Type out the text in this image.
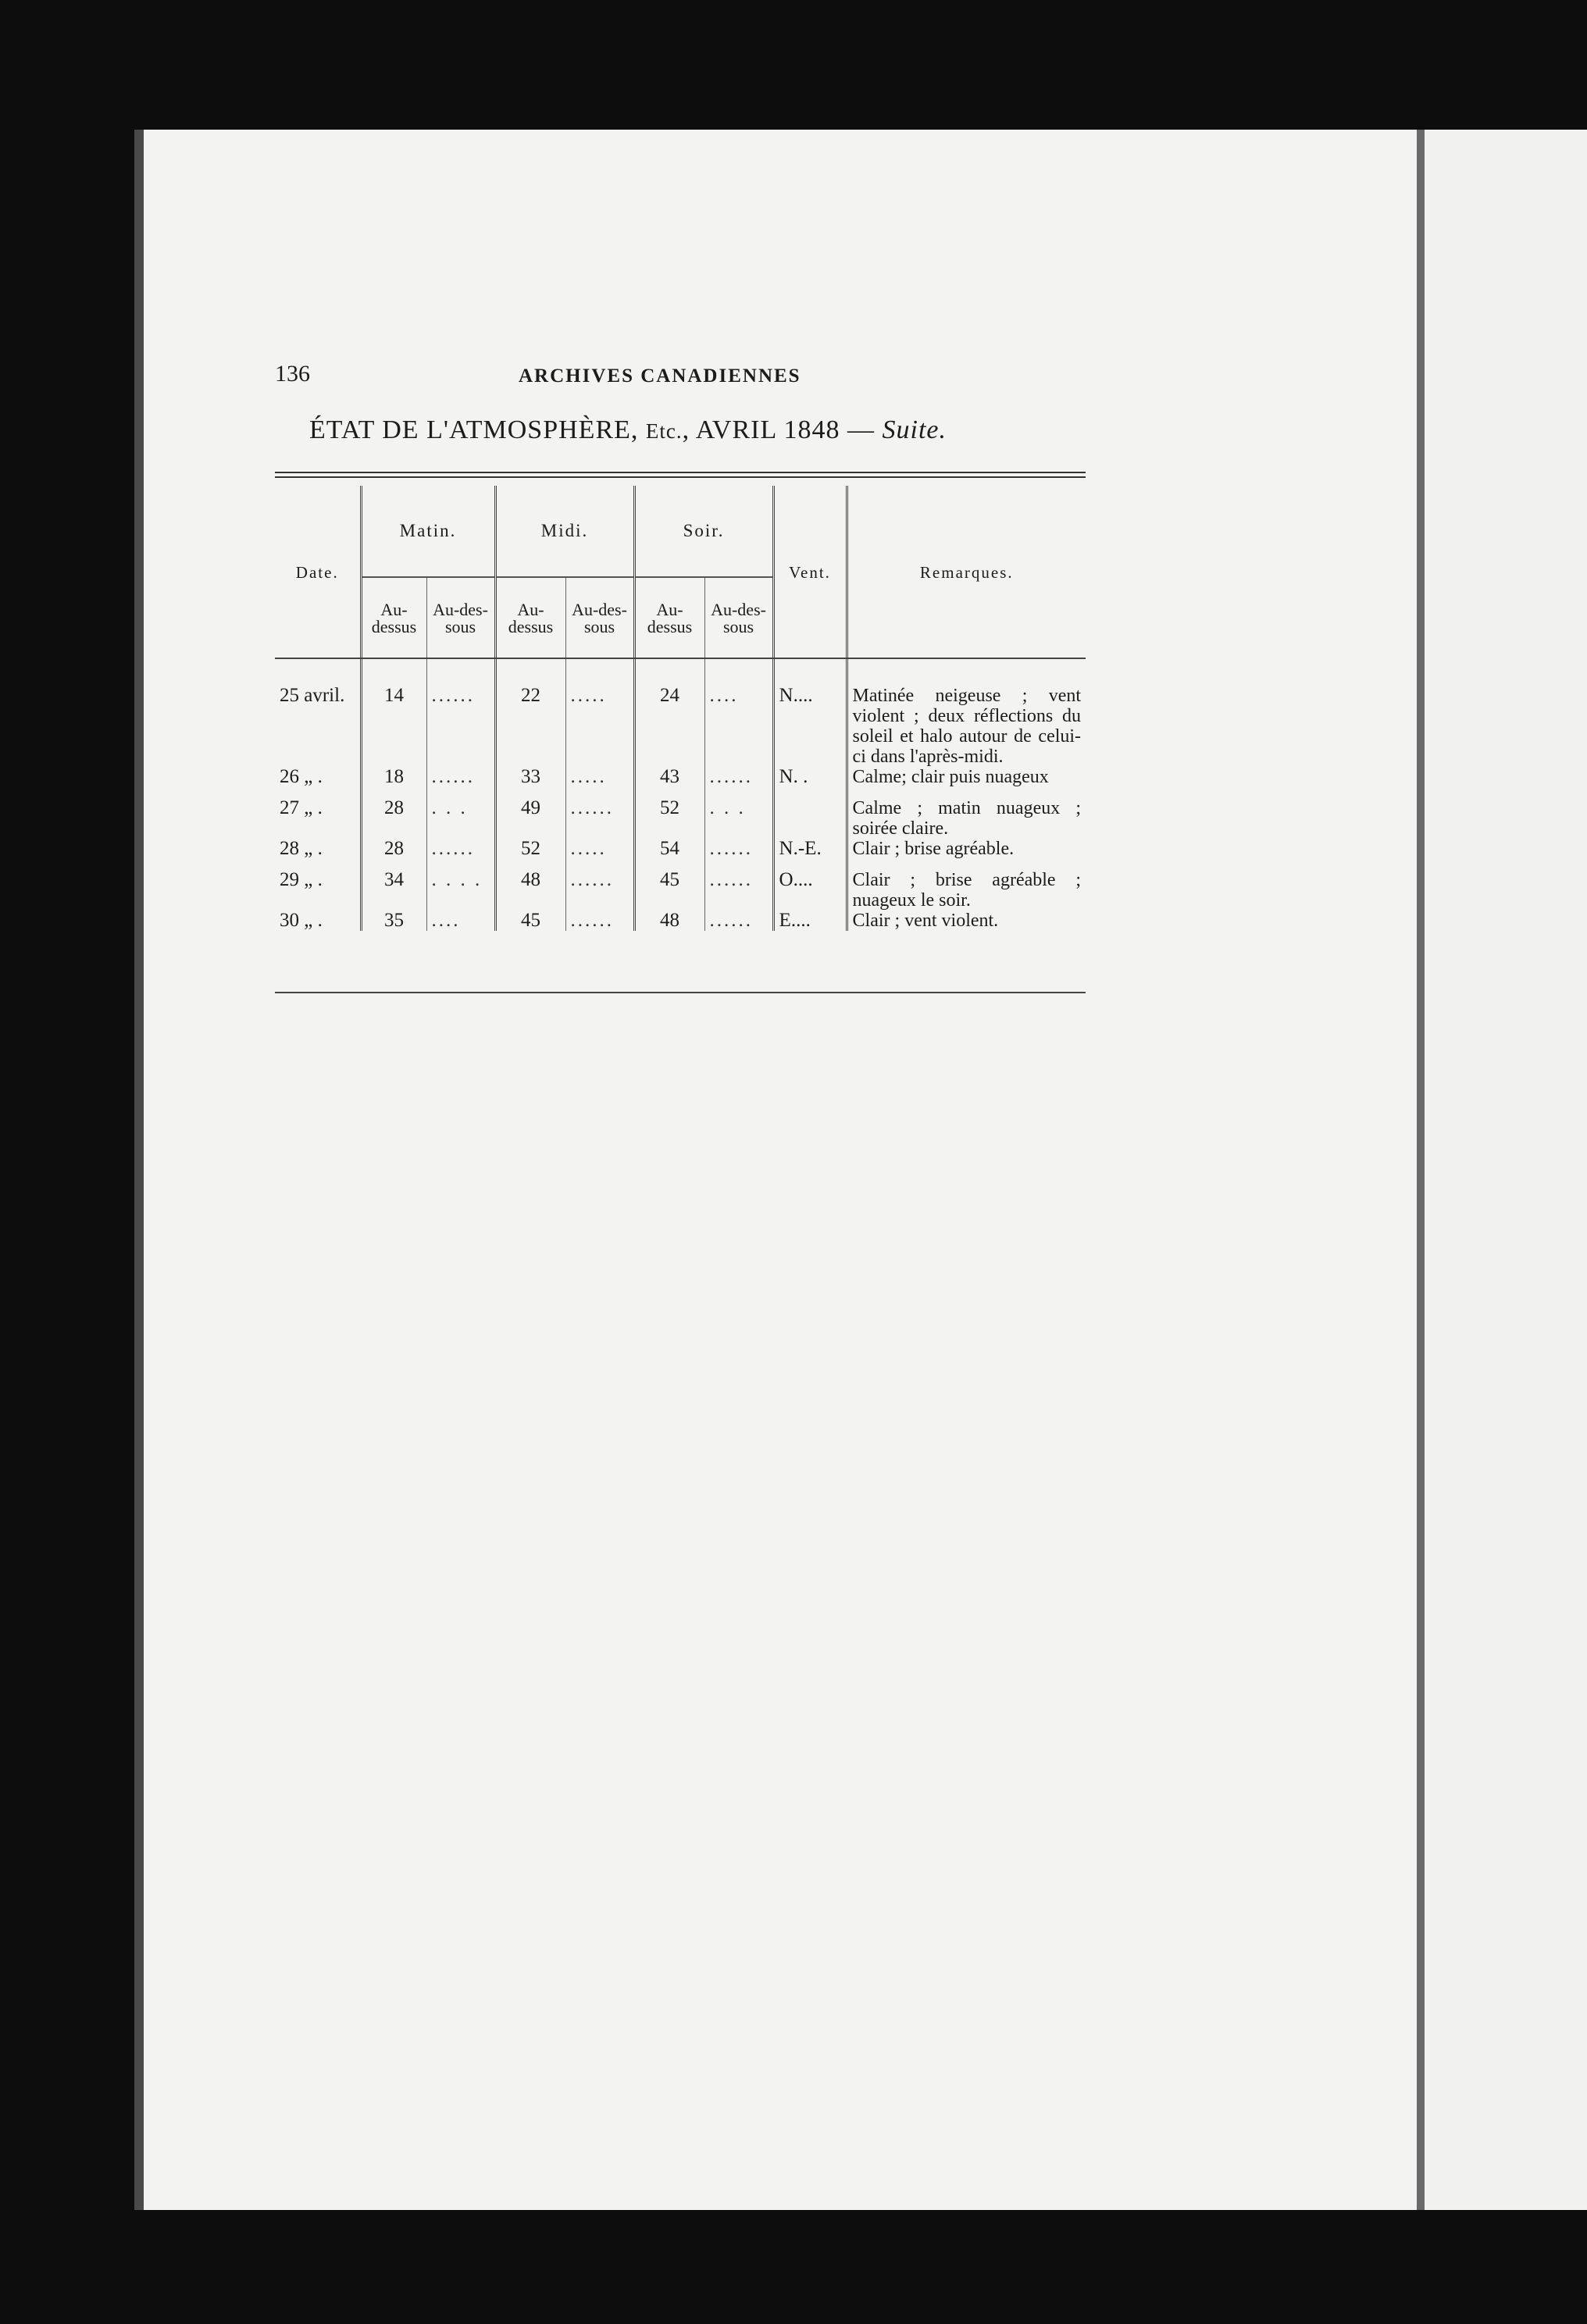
136	ARCHIVES CANADIENNES
ÉTAT DE L'ATMOSPHÈRE, Etc., AVRIL 1848 — Suite.
Date.	Matin.		Midi.		Soir.		Vent.	Remarques.
	Au-dessus	Au-des-sous	Au-dessus	Au-des-sous	Au-dessus	Au-des-sous		
25 avril.	14	......	22	.....	24	....	N....	Matinée neigeuse ; vent violent ; deux réflections du soleil et halo autour de celui-ci dans l'après-midi.
26 „ .	18	......	33	.....	43	......	N. .	Calme; clair puis nuageux
27 „ .	28	. . .	49	......	52	. . .		Calme ; matin nuageux ; soirée claire.
28 „ .	28	......	52	.....	54	......	N.-E.	Clair ; brise agréable.
29 „ .	34	. . . .	48	......	45	......	O....	Clair ; brise agréable ; nuageux le soir.
30 „ .	35	....	45	......	48	......	E....	Clair ; vent violent.
